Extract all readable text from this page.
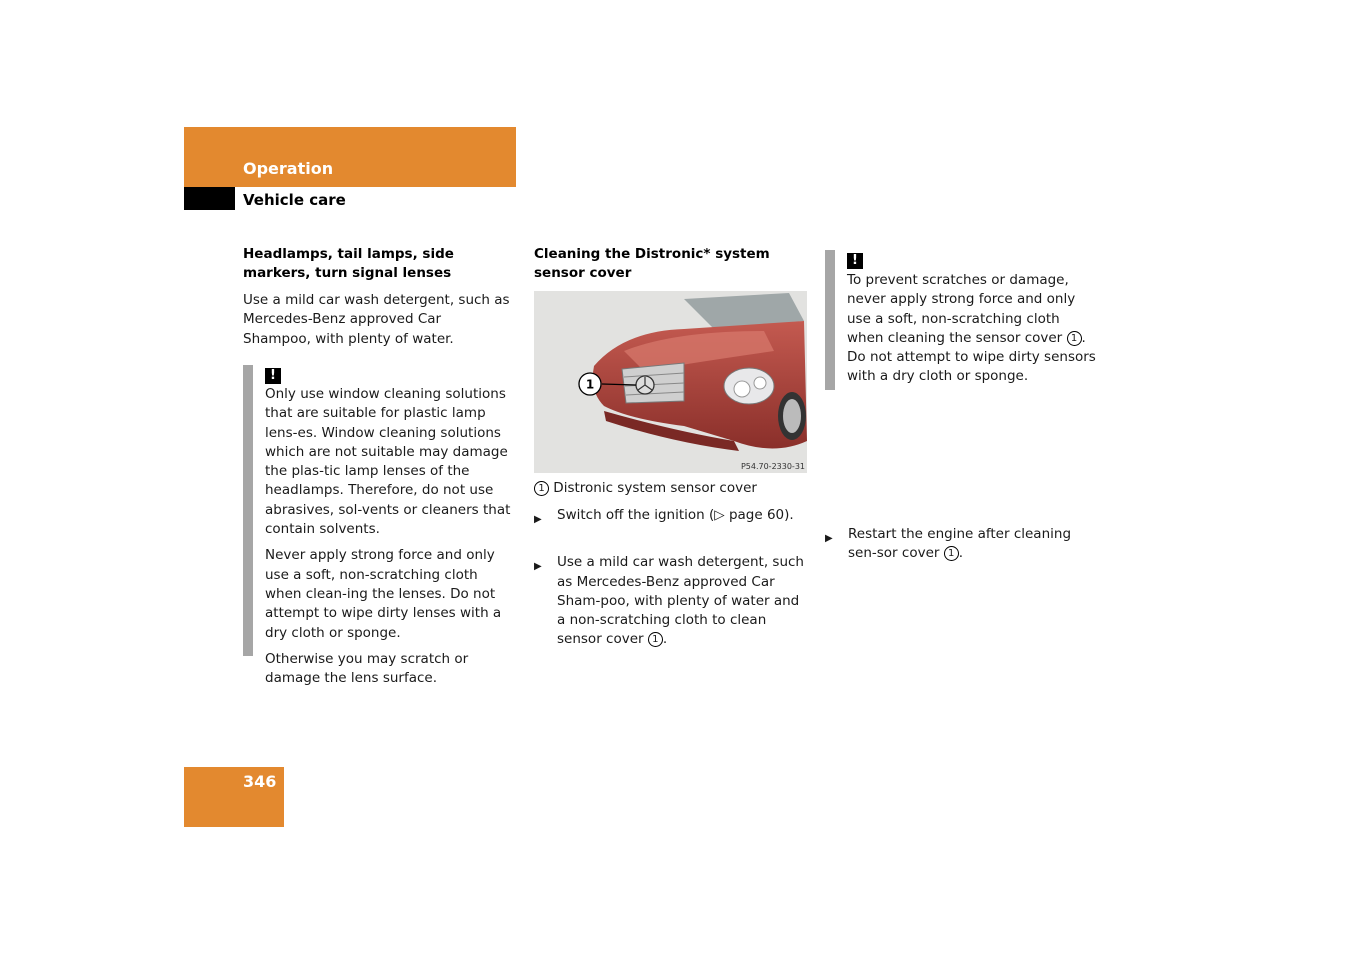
Operation
Vehicle care
Headlamps, tail lamps, side markers, turn signal lenses

Use a mild car wash detergent, such as Mercedes-Benz approved Car Shampoo, with plenty of water.

!

Only use window cleaning solutions that are suitable for plastic lamp lens-es. Window cleaning solutions which are not suitable may damage the plas-tic lamp lenses of the headlamps. Therefore, do not use abrasives, sol-vents or cleaners that contain solvents.

Never apply strong force and only use a soft, non-scratching cloth when clean-ing the lenses. Do not attempt to wipe dirty lenses with a dry cloth or sponge.

Otherwise you may scratch or damage the lens surface.

Cleaning the Distronic* system sensor cover
1
P54.70-2330-31
1 Distronic system sensor cover
▶ Switch off the ignition (▷ page 60).
▶ Use a mild car wash detergent, such as Mercedes-Benz approved Car Sham-poo, with plenty of water and a non-scratching cloth to clean sensor cover 1 .
!

To prevent scratches or damage, never apply strong force and only use a soft, non-scratching cloth when cleaning the sensor cover 1 . Do not attempt to wipe dirty sensors with a dry cloth or sponge.

▶ Restart the engine after cleaning sen-sor cover 1 .
346
